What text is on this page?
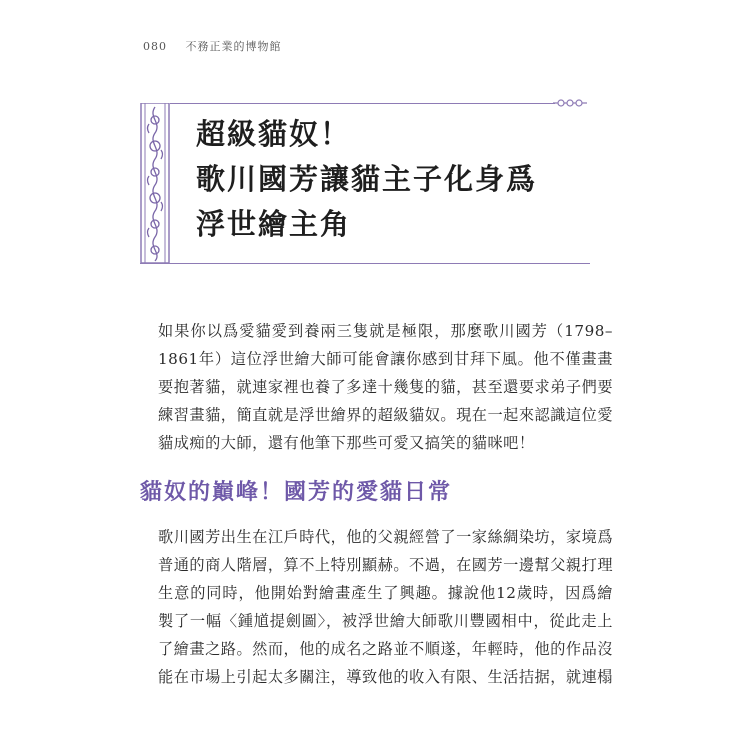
080 不務正業的博物館
超級貓奴！
歌川國芳讓貓主子化身爲
浮世繪主角
如果你以爲愛貓愛到養兩三隻就是極限，那麼歌川國芳（1798–1861年）這位浮世繪大師可能會讓你感到甘拜下風。他不僅畫畫要抱著貓，就連家裡也養了多達十幾隻的貓，甚至還要求弟子們要練習畫貓，簡直就是浮世繪界的超級貓奴。現在一起來認識這位愛貓成痴的大師，還有他筆下那些可愛又搞笑的貓咪吧！
貓奴的巔峰！國芳的愛貓日常
歌川國芳出生在江戶時代，他的父親經營了一家絲綢染坊，家境爲普通的商人階層，算不上特別顯赫。不過，在國芳一邊幫父親打理生意的同時，他開始對繪畫產生了興趣。據說他12歲時，因爲繪製了一幅〈鍾馗提劍圖〉，被浮世繪大師歌川豐國相中，從此走上了繪畫之路。然而，他的成名之路並不順遂，年輕時，他的作品沒能在市場上引起太多關注，導致他的收入有限、生活拮据，就連榻
